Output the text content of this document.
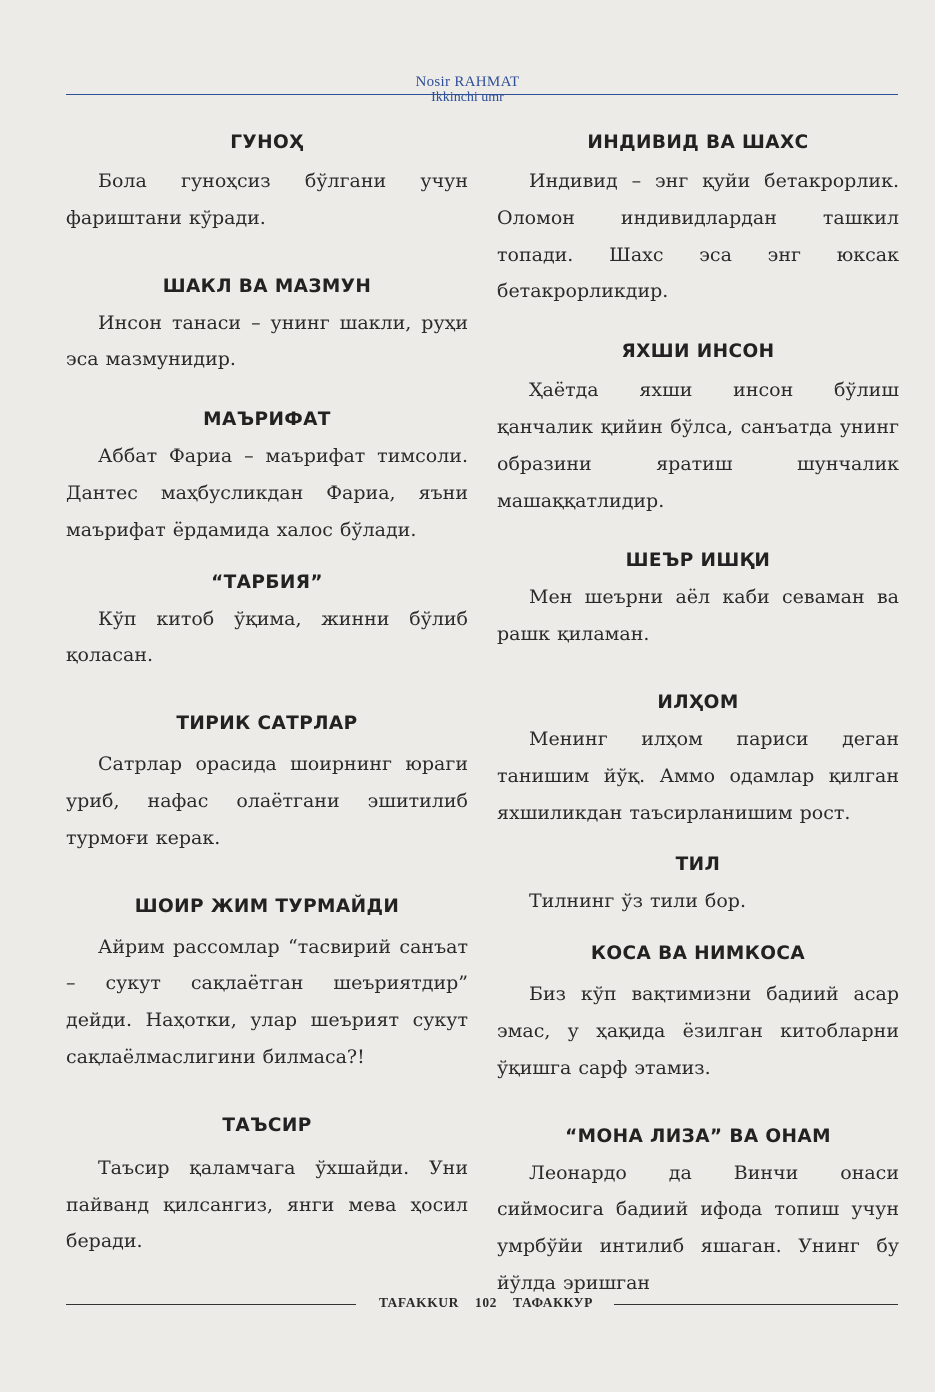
Nosir RAHMAT
Ikkinchi umr
ГУНОҲ

Бола гуноҳсиз бўлгани учун фариштани кўради.

ШАКЛ ВА МАЗМУН

Инсон танаси – унинг шакли, руҳи эса мазмунидир.

МАЪРИФАТ

Аббат Фариа – маърифат тимсоли. Дантес маҳбусликдан Фариа, яъни маърифат ёрдамида халос бўлади.

“ТАРБИЯ”

Кўп китоб ўқима, жинни бўлиб қоласан.

ТИРИК САТРЛАР

Сатрлар орасида шоирнинг юраги уриб, нафас олаётгани эшитилиб турмоғи керак.

ШОИР ЖИМ ТУРМАЙДИ

Айрим рассомлар “тасвирий санъат – сукут сақлаётган шеъриятдир” дейди. Наҳотки, улар шеърият сукут сақлаёлмаслигини билмаса?!

ТАЪСИР

Таъсир қаламчага ўхшайди. Уни пайванд қилсангиз, янги мева ҳосил беради.

ИНДИВИД ВА ШАХС

Индивид – энг қуйи бетакрорлик. Оломон индивидлардан ташкил топади. Шахс эса энг юксак бетакрорликдир.

ЯХШИ ИНСОН

Ҳаётда яхши инсон бўлиш қанчалик қийин бўлса, санъатда унинг образини яратиш шунчалик машаққатлидир.

ШЕЪР ИШҚИ

Мен шеърни аёл каби севаман ва рашк қиламан.

ИЛҲОМ

Менинг илҳом париси деган танишим йўқ. Аммо одамлар қилган яхшиликдан таъсирланишим рост.

ТИЛ

Тилнинг ўз тили бор.

КОСА ВА НИМКОСА

Биз кўп вақтимизни бадиий асар эмас, у ҳақида ёзилган китобларни ўқишга сарф этамиз.

“МОНА ЛИЗА” ВА ОНАМ

Леонардо да Винчи онаси сиймосига бадиий ифода топиш учун умрбўйи интилиб яшаган. Унинг бу йўлда эришган

TAFAKKUR 102 ТАФАККУР
